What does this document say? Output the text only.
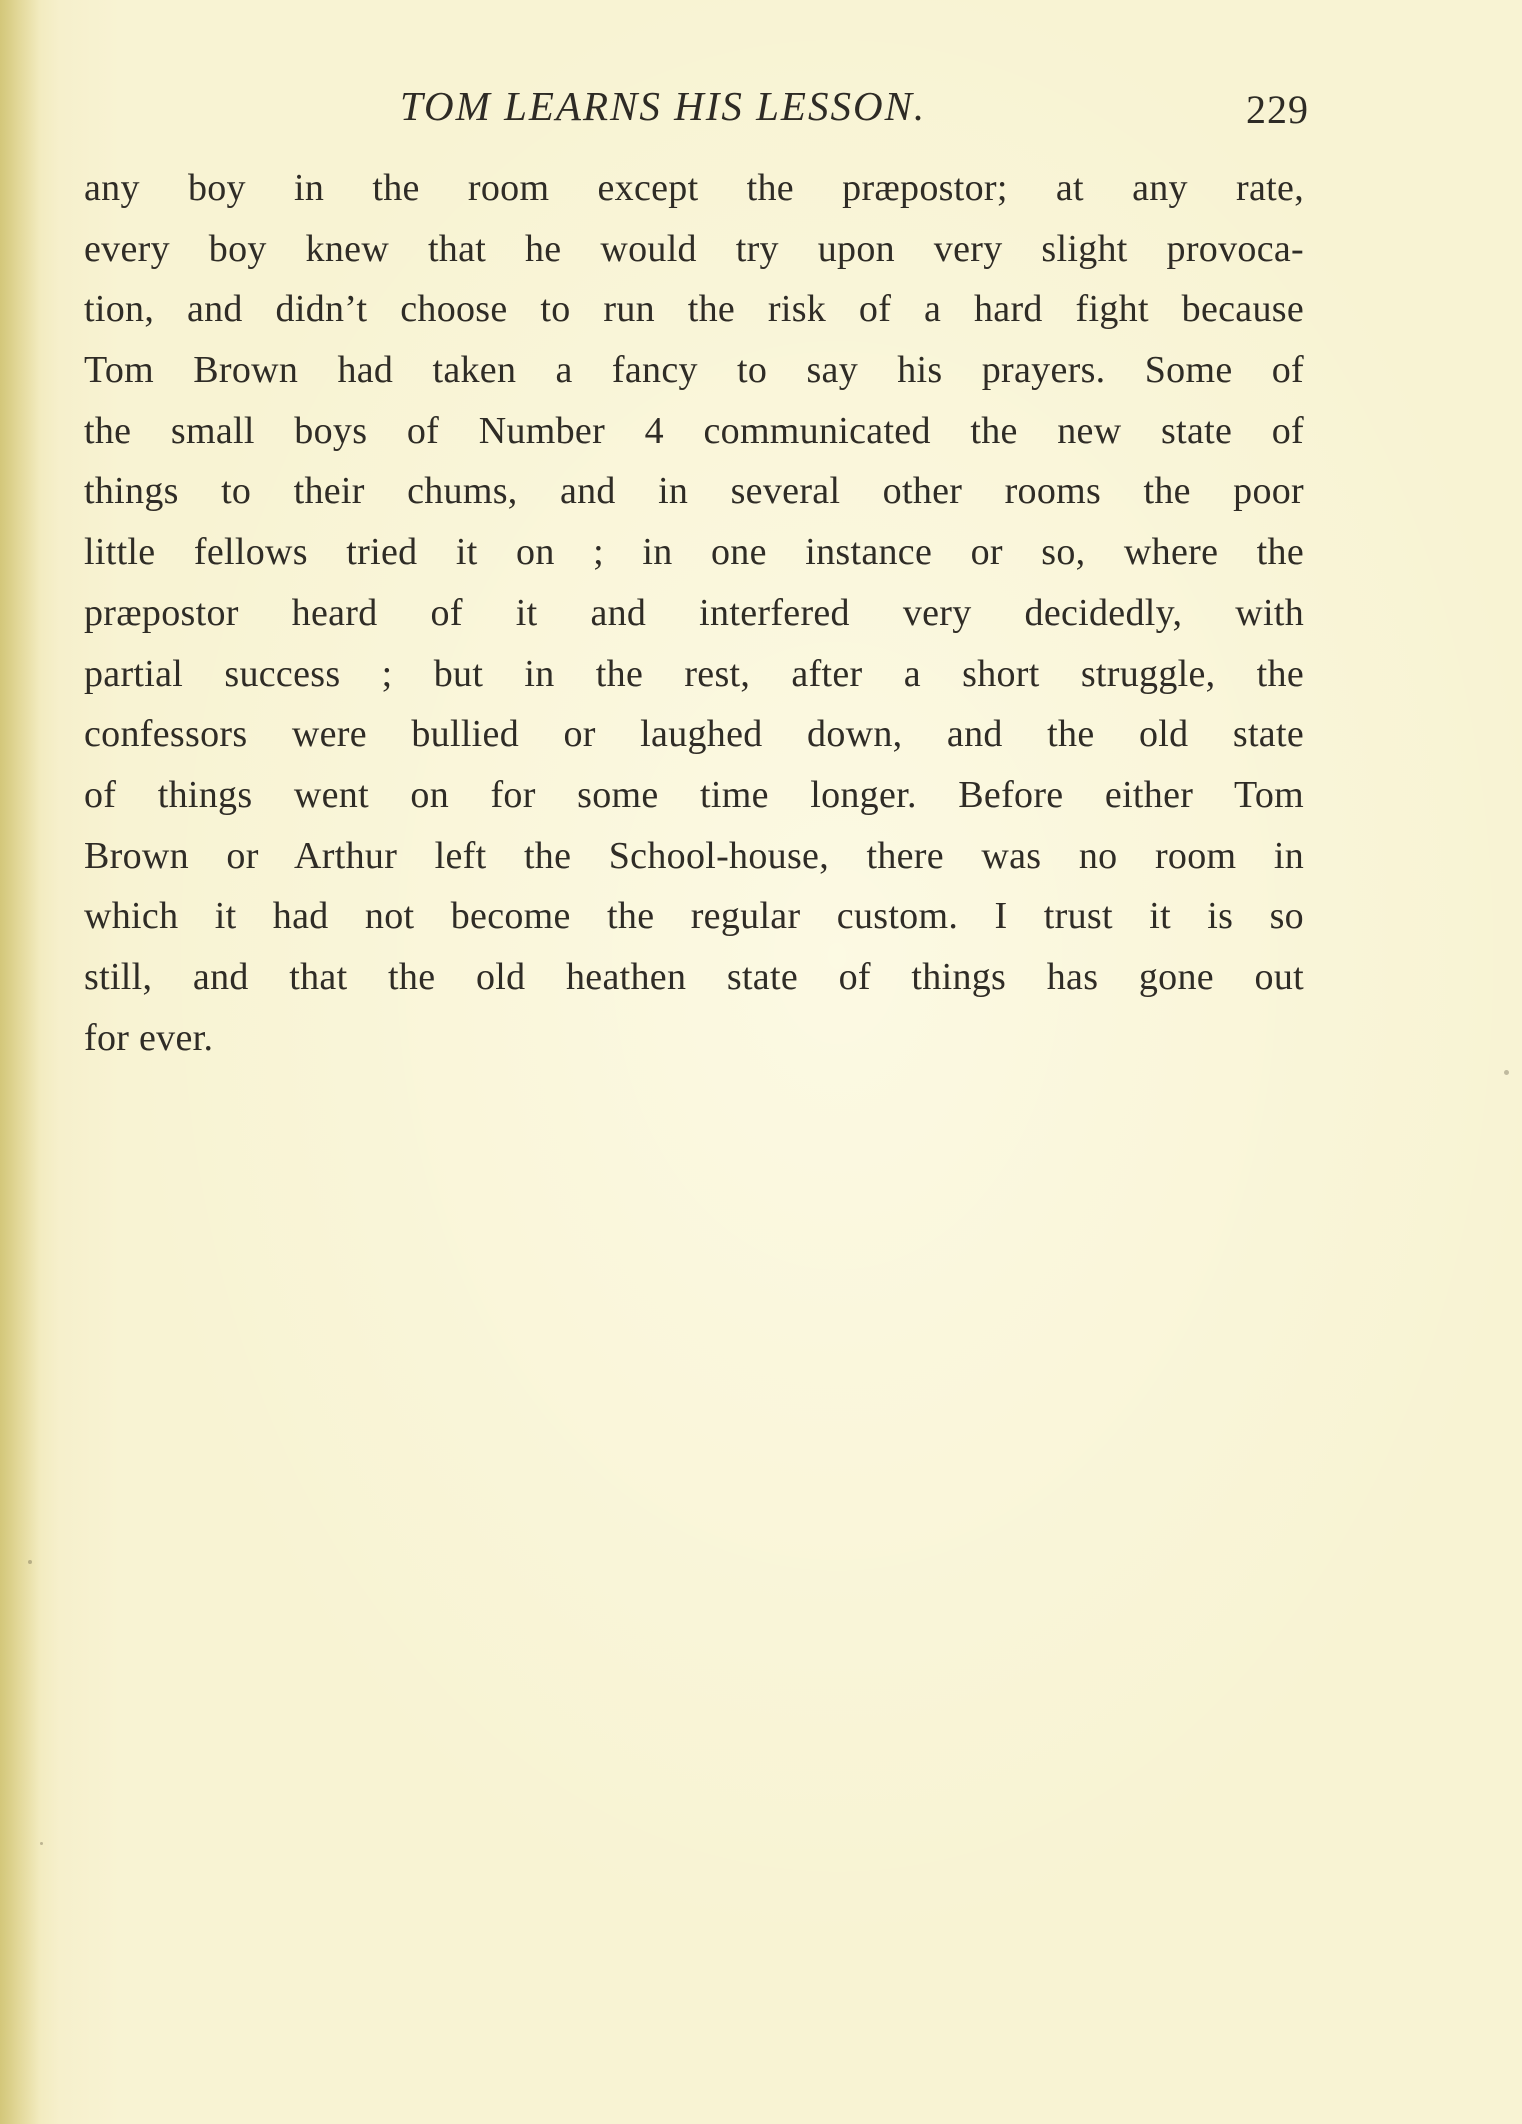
TOM LEARNS HIS LESSON.	229
any boy in the room except the præpostor; at any rate,
every boy knew that he would try upon very slight provoca-
tion, and didn’t choose to run the risk of a hard fight because
Tom Brown had taken a fancy to say his prayers. Some of
the small boys of Number 4 communicated the new state of
things to their chums, and in several other rooms the poor
little fellows tried it on ; in one instance or so, where the
præpostor heard of it and interfered very decidedly, with
partial success ; but in the rest, after a short struggle, the
confessors were bullied or laughed down, and the old state
of things went on for some time longer. Before either Tom
Brown or Arthur left the School-house, there was no room in
which it had not become the regular custom. I trust it is so
still, and that the old heathen state of things has gone out
for ever.
